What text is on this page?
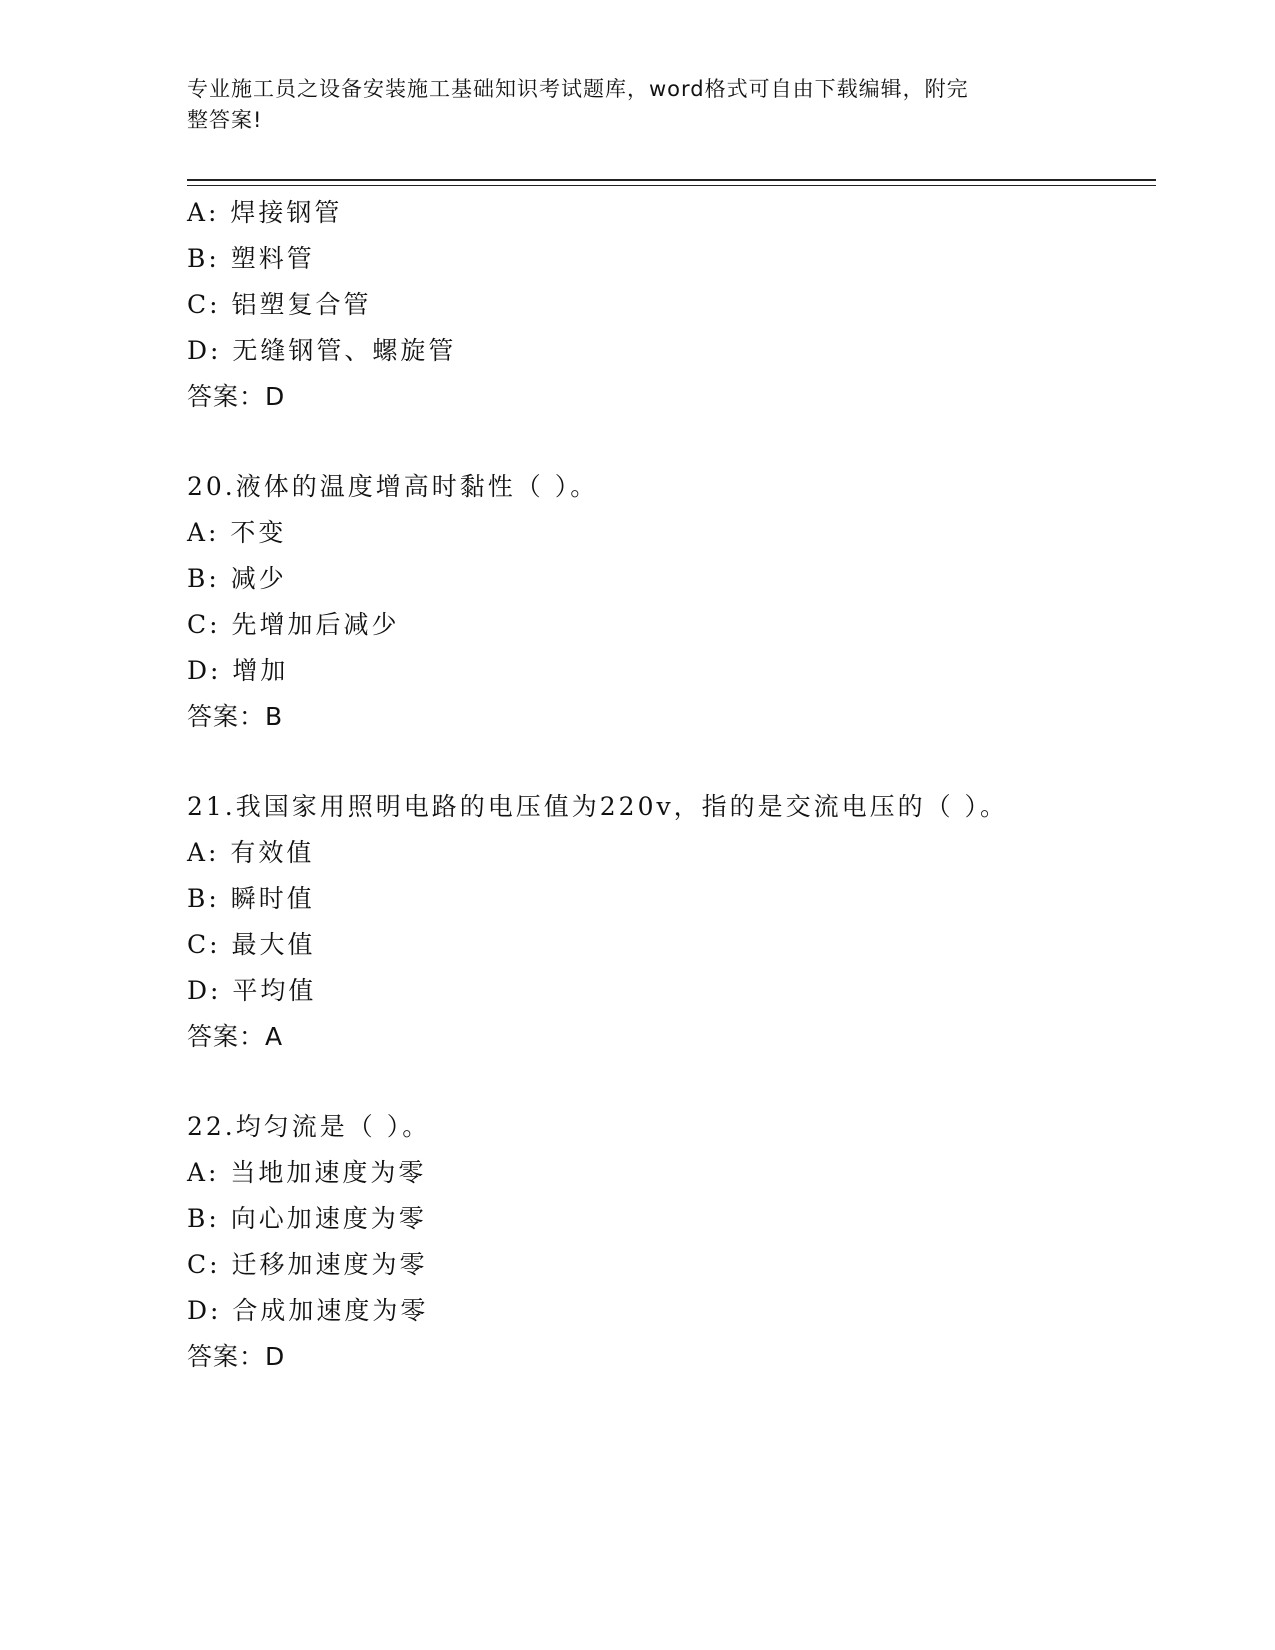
专业施工员之设备安装施工基础知识考试题库，word格式可自由下载编辑，附完
整答案!
A: 焊接钢管
B: 塑料管
C: 铝塑复合管
D: 无缝钢管、螺旋管
答案：D
20.液体的温度增高时黏性（ ）。
A: 不变
B: 减少
C: 先增加后减少
D: 增加
答案：B
21.我国家用照明电路的电压值为220v，指的是交流电压的（ ）。
A: 有效值
B: 瞬时值
C: 最大值
D: 平均值
答案：A
22.均匀流是（ ）。
A: 当地加速度为零
B: 向心加速度为零
C: 迁移加速度为零
D: 合成加速度为零
答案：D
